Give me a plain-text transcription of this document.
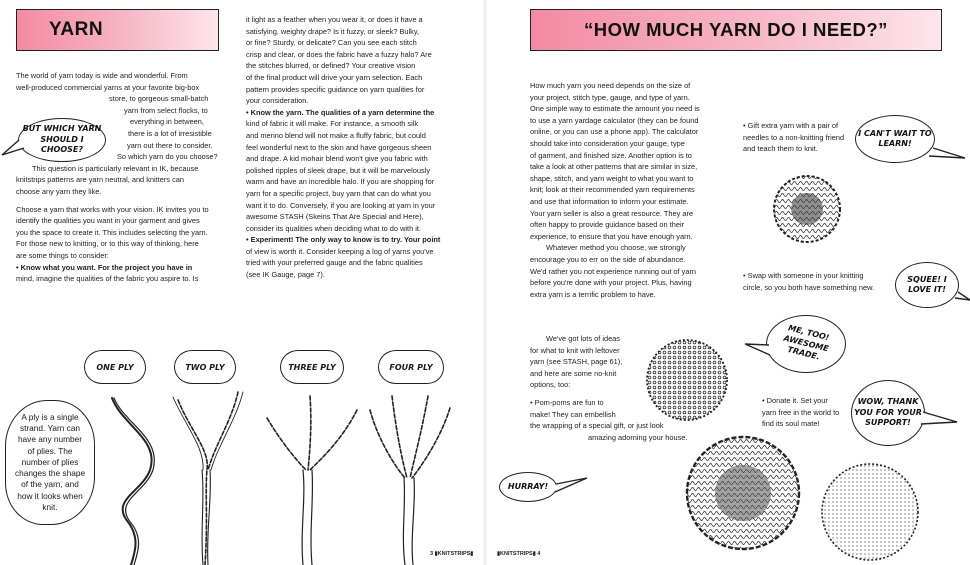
YARN

The world of yarn today is wide and wonderful. From

well-produced commercial yarns at your favorite big-box

store, to gorgeous small-batch

yarn from select flocks, to

everything in between,

there is a lot of irresistible

yarn out there to consider.

So which yarn do you choose?

This question is particularly relevant in IK, because

knitstrips patterns are yarn neutral, and knitters can

choose any yarn they like.

Choose a yarn that works with your vision. IK invites you to

identify the qualities you want in your garment and gives

you the space to create it. This includes selecting the yarn.

For those new to knitting, or to this way of thinking, here

are some things to consider:

• Know what you want. For the project you have in

mind, imagine the qualities of the fabric you aspire to. Is

BUT WHICH YARN SHOULD I CHOOSE?

it light as a feather when you wear it, or does it have a

satisfying, weighty drape? Is it fuzzy, or sleek? Bulky,

or fine? Sturdy, or delicate? Can you see each stitch

crisp and clear, or does the fabric have a fuzzy halo? Are

the stitches blurred, or defined? Your creative vision

of the final product will drive your yarn selection. Each

pattern provides specific guidance on yarn qualities for

your consideration.

• Know the yarn. The qualities of a yarn determine the

kind of fabric it will make. For instance, a smooth silk

and merino blend will not make a fluffy fabric, but could

feel wonderful next to the skin and have gorgeous sheen

and drape. A kid mohair blend won't give you fabric with

polished ripples of sleek drape, but it will be marvelously

warm and have an incredible halo. If you are shopping for

yarn for a specific project, buy yarn that can do what you

want it to do. Conversely, if you are looking at yarn in your

awesome STASH (Skeins That Are Special and Here),

consider its qualities when deciding what to do with it.

• Experiment! The only way to know is to try. Your point

of view is worth it. Consider keeping a log of yarns you've

tried with your preferred gauge and the fabric qualities

(see IK Gauge, page 7).

ONE PLY	TWO PLY	THREE PLY	FOUR PLY
A ply is a single strand. Yarn can have any number of plies. The number of plies changes the shape of the yarn, and how it looks when knit.
3 ▮KNITSTRIPS▮
“HOW MUCH YARN DO I NEED?”

How much yarn you need depends on the size of

your project, stitch type, gauge, and type of yarn.

One simple way to estimate the amount you need is

to use a yarn yardage calculator (they can be found

online, or you can use a phone app). The calculator

should take into consideration your gauge, type

of garment, and finished size. Another option is to

take a look at other patterns that are similar in size,

shape, stitch, and yarn weight to what you want to

knit; look at their recommended yarn requirements

and use that information to inform your estimate.

Your yarn seller is also a great resource. They are

often happy to provide guidance based on their

experience, to ensure that you have enough yarn.

Whatever method you choose, we strongly

encourage you to err on the side of abundance.

We'd rather you not experience running out of yarn

before you're done with your project. Plus, having

extra yarn is a terrific problem to have.

We've got lots of ideas

for what to knit with leftover

yarn (see STASH, page 61),

and here are some no-knit

options, too:

• Pom-poms are fun to

make! They can embellish

the wrapping of a special gift, or just look

amazing adorning your house.

• Gift extra yarn with a pair of needles to a non-knitting friend and teach them to knit.

• Swap with someone in your knitting circle, so you both have something new.

• Donate it. Set your yarn free in the world to find its soul mate!

I CAN'T WAIT TO LEARN!
SQUEE! I LOVE IT!
ME, TOO! AWESOME TRADE.
WOW, THANK YOU FOR YOUR SUPPORT!
HURRAY!
▮KNITSTRIPS▮ 4
